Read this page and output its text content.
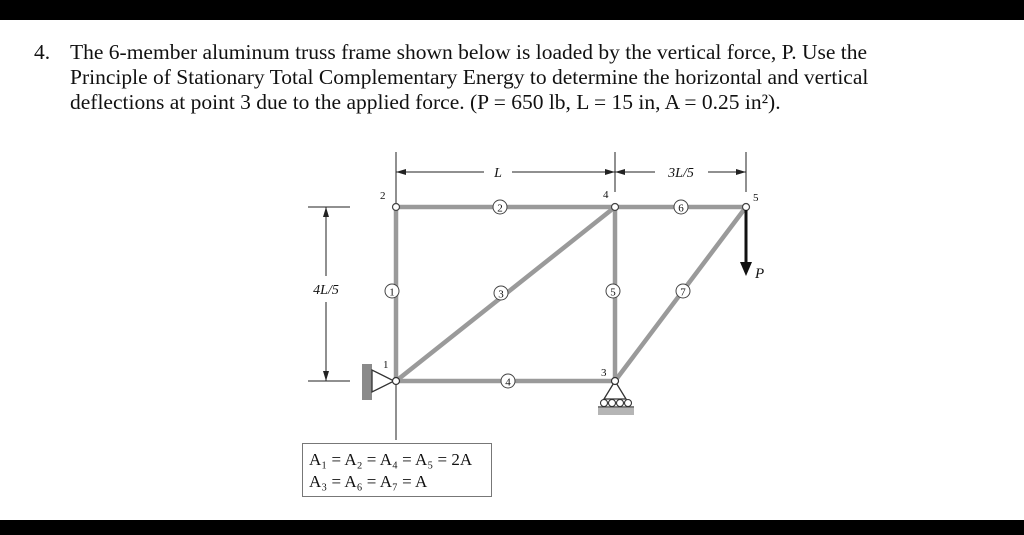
4. The 6-member aluminum truss frame shown below is loaded by the vertical force, P. Use the
Principle of Stationary Total Complementary Energy to determine the horizontal and vertical
deflections at point 3 due to the applied force. (P = 650 lb, L = 15 in, A = 0.25 in²).
L	3L/5
4L/5
P
2
1
3
4	5
1
2
3
4
5
6
7
A₁ = A₂ = A₄ = A₅ = 2A
A₃ = A₆ = A₇ = A
